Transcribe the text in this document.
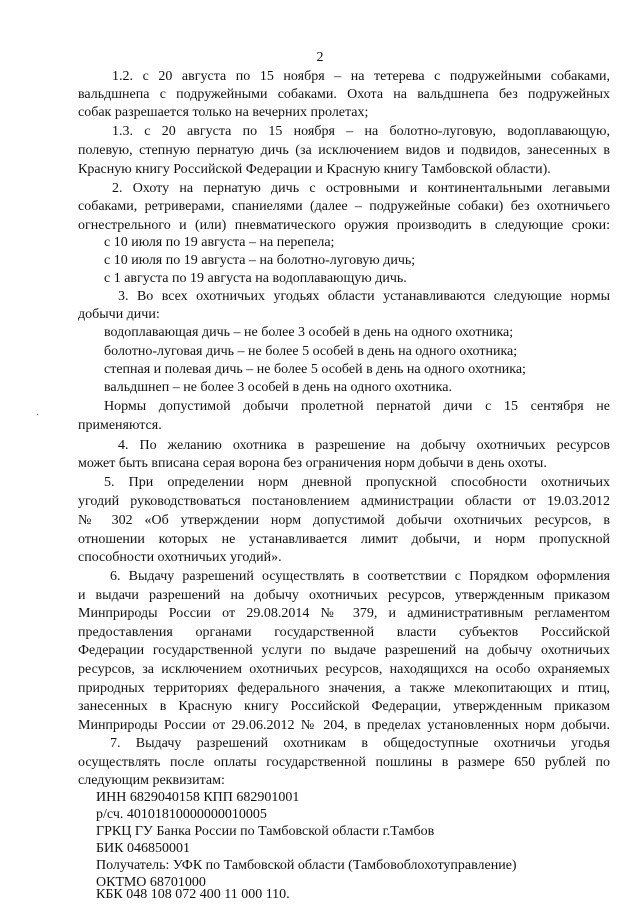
2
1.2. с 20 августа по 15 ноября – на тетерева с подружейными собаками,
вальдшнепа с подружейными собаками. Охота на вальдшнепа без подружейных
собак разрешается только на вечерних пролетах;
1.3. с 20 августа по 15 ноября – на болотно-луговую, водоплавающую,
полевую, степную пернатую дичь (за исключением видов и подвидов, занесенных в
Красную книгу Российской Федерации и Красную книгу Тамбовской области).
2. Охоту на пернатую дичь с островными и континентальными легавыми
собаками, ретриверами, спаниелями (далее – подружейные собаки) без охотничьего
огнестрельного и (или) пневматического оружия производить в следующие сроки:
с 10 июля по 19 августа – на перепела;
с 10 июля по 19 августа – на болотно-луговую дичь;
с 1 августа по 19 августа на водоплавающую дичь.
3. Во всех охотничьих угодьях области устанавливаются следующие нормы
добычи дичи:
водоплавающая дичь – не более 3 особей в день на одного охотника;
болотно-луговая дичь – не более 5 особей в день на одного охотника;
степная и полевая дичь – не более 5 особей в день на одного охотника;
вальдшнеп – не более 3 особей в день на одного охотника.
Нормы допустимой добычи пролетной пернатой дичи с 15 сентября не
применяются.
·
4. По желанию охотника в разрешение на добычу охотничьих ресурсов
может быть вписана серая ворона без ограничения норм добычи в день охоты.
5. При определении норм дневной пропускной способности охотничьих
угодий руководствоваться постановлением администрации области от 19.03.2012
№ 302 «Об утверждении норм допустимой добычи охотничьих ресурсов, в
отношении которых не устанавливается лимит добычи, и норм пропускной
способности охотничьих угодий».
6. Выдачу разрешений осуществлять в соответствии с Порядком оформления
и выдачи разрешений на добычу охотничьих ресурсов, утвержденным приказом
Минприроды России от 29.08.2014 № 379, и административным регламентом
предоставления органами государственной власти субъектов Российской
Федерации государственной услуги по выдаче разрешений на добычу охотничьих
ресурсов, за исключением охотничьих ресурсов, находящихся на особо охраняемых
природных территориях федерального значения, а также млекопитающих и птиц,
занесенных в Красную книгу Российской Федерации, утвержденным приказом
Минприроды России от 29.06.2012 № 204, в пределах установленных норм добычи.
7. Выдачу разрешений охотникам в общедоступные охотничьи угодья
осуществлять после оплаты государственной пошлины в размере 650 рублей по
следующим реквизитам:
ИНН 6829040158 КПП 682901001
р/сч. 40101810000000010005
ГРКЦ ГУ Банка России по Тамбовской области г.Тамбов
БИК 046850001
Получатель: УФК по Тамбовской области (Тамбовоблохотуправление)
ОКТМО 68701000
КБК 048 108 072 400 11 000 110.
